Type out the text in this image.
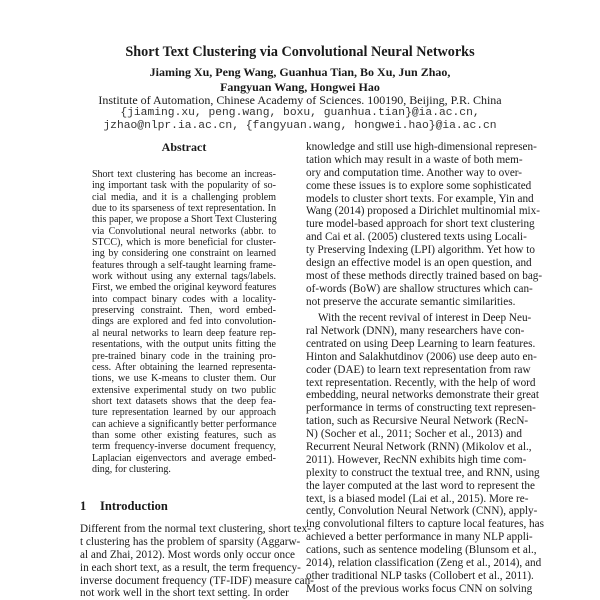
Short Text Clustering via Convolutional Neural Networks
Jiaming Xu, Peng Wang, Guanhua Tian, Bo Xu, Jun Zhao,
Fangyuan Wang, Hongwei Hao
Institute of Automation, Chinese Academy of Sciences. 100190, Beijing, P.R. China
{jiaming.xu, peng.wang, boxu, guanhua.tian}@ia.ac.cn,
jzhao@nlpr.ia.ac.cn, {fangyuan.wang, hongwei.hao}@ia.ac.cn
Abstract
Short text clustering has become an increas-
ing important task with the popularity of so-
cial media, and it is a challenging problem
due to its sparseness of text representation. In
this paper, we propose a Short Text Clustering
via Convolutional neural networks (abbr. to
STCC), which is more beneficial for cluster-
ing by considering one constraint on learned
features through a self-taught learning frame-
work without using any external tags/labels.
First, we embed the original keyword features
into compact binary codes with a locality-
preserving constraint. Then, word embed-
dings are explored and fed into convolution-
al neural networks to learn deep feature rep-
resentations, with the output units fitting the
pre-trained binary code in the training pro-
cess. After obtaining the learned representa-
tions, we use K-means to cluster them. Our
extensive experimental study on two public
short text datasets shows that the deep fea-
ture representation learned by our approach
can achieve a significantly better performance
than some other existing features, such as
term frequency-inverse document frequency,
Laplacian eigenvectors and average embed-
ding, for clustering.
1 Introduction
Different from the normal text clustering, short tex-
t clustering has the problem of sparsity (Aggarw-
al and Zhai, 2012). Most words only occur once
in each short text, as a result, the term frequency-
inverse document frequency (TF-IDF) measure can-
not work well in the short text setting. In order
knowledge and still use high-dimensional represen-
tation which may result in a waste of both mem-
ory and computation time. Another way to over-
come these issues is to explore some sophisticated
models to cluster short texts. For example, Yin and
Wang (2014) proposed a Dirichlet multinomial mix-
ture model-based approach for short text clustering
and Cai et al. (2005) clustered texts using Locali-
ty Preserving Indexing (LPI) algorithm. Yet how to
design an effective model is an open question, and
most of these methods directly trained based on bag-
of-words (BoW) are shallow structures which can-
not preserve the accurate semantic similarities.
With the recent revival of interest in Deep Neu-
ral Network (DNN), many researchers have con-
centrated on using Deep Learning to learn features.
Hinton and Salakhutdinov (2006) use deep auto en-
coder (DAE) to learn text representation from raw
text representation. Recently, with the help of word
embedding, neural networks demonstrate their great
performance in terms of constructing text represen-
tation, such as Recursive Neural Network (RecN-
N) (Socher et al., 2011; Socher et al., 2013) and
Recurrent Neural Network (RNN) (Mikolov et al.,
2011). However, RecNN exhibits high time com-
plexity to construct the textual tree, and RNN, using
the layer computed at the last word to represent the
text, is a biased model (Lai et al., 2015). More re-
cently, Convolution Neural Network (CNN), apply-
ing convolutional filters to capture local features, has
achieved a better performance in many NLP appli-
cations, such as sentence modeling (Blunsom et al.,
2014), relation classification (Zeng et al., 2014), and
other traditional NLP tasks (Collobert et al., 2011).
Most of the previous works focus CNN on solving
